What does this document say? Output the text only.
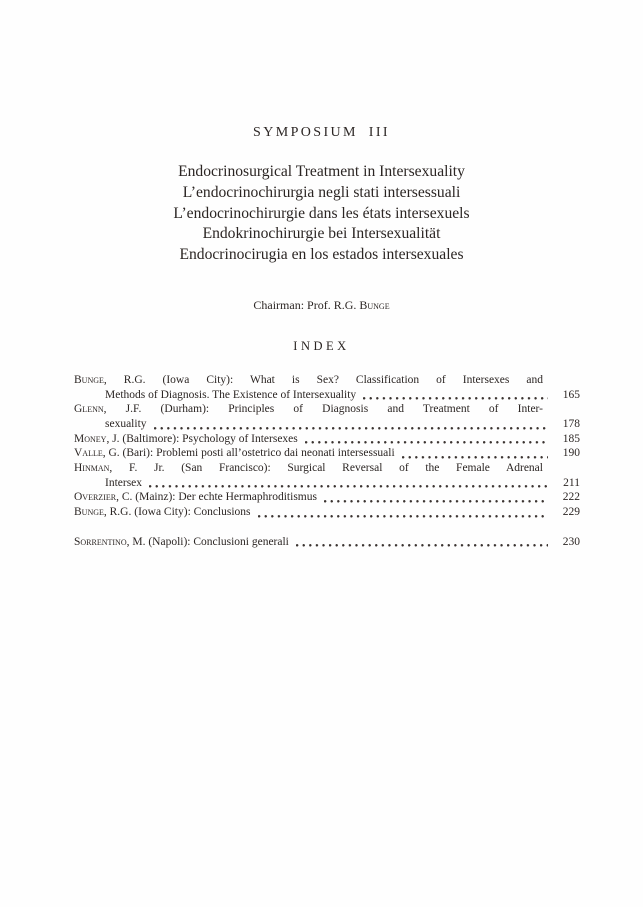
SYMPOSIUM III
Endocrinosurgical Treatment in Intersexuality
L’endocrinochirurgia negli stati intersessuali
L’endocrinochirurgie dans les états intersexuels
Endokrinochirurgie bei Intersexualität
Endocrinocirugia en los estados intersexuales
Chairman: Prof. R.G. Bunge
INDEX
Bunge, R.G. (Iowa City): What is Sex? Classification of Intersexes and
Methods of Diagnosis. The Existence of Intersexuality	165
Glenn, J.F. (Durham): Principles of Diagnosis and Treatment of Inter-
sexuality	178
Money, J. (Baltimore): Psychology of Intersexes	185
Valle, G. (Bari): Problemi posti all’ostetrico dai neonati intersessuali	190
Hinman, F. Jr. (San Francisco): Surgical Reversal of the Female Adrenal
Intersex	211
Overzier, C. (Mainz): Der echte Hermaphroditismus	222
Bunge, R.G. (Iowa City): Conclusions	229
Sorrentino, M. (Napoli): Conclusioni generali	230
